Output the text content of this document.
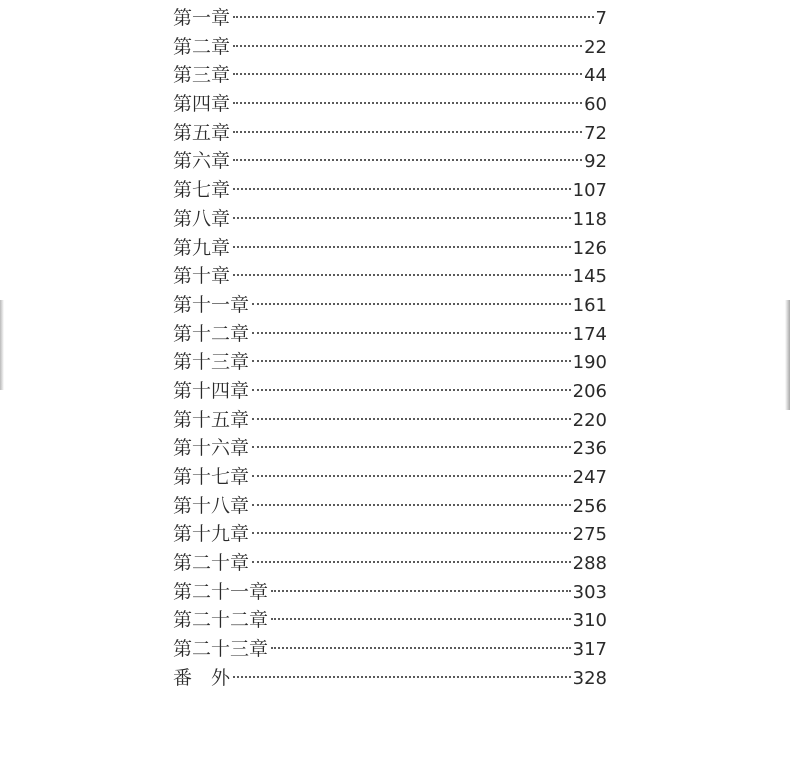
第一章	7
第二章	22
第三章	44
第四章	60
第五章	72
第六章	92
第七章	107
第八章	118
第九章	126
第十章	145
第十一章	161
第十二章	174
第十三章	190
第十四章	206
第十五章	220
第十六章	236
第十七章	247
第十八章	256
第十九章	275
第二十章	288
第二十一章	303
第二十二章	310
第二十三章	317
番　外	328
